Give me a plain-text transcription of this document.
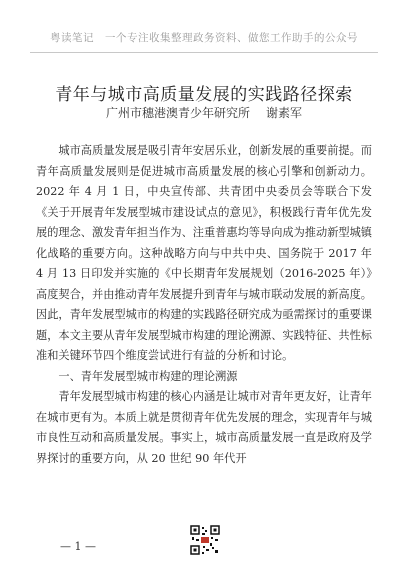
粤读笔记　一个专注收集整理政务资料、做您工作助手的公众号
青年与城市高质量发展的实践路径探索
广州市穗港澳青少年研究所 谢素军

城市高质量发展是吸引青年安居乐业，创新发展的重要前提。而青年高质量发展则是促进城市高质量发展的核心引擎和创新动力。2022 年 4 月 1 日，中央宣传部、共青团中央委员会等联合下发《关于开展青年发展型城市建设试点的意见》，积极践行青年优先发展的理念、激发青年担当作为、注重普惠均等导向成为推动新型城镇化战略的重要方向。这种战略方向与中共中央、国务院于 2017 年 4 月 13 日印发并实施的《中长期青年发展规划（2016-2025 年）》高度契合，并由推动青年发展提升到青年与城市联动发展的新高度。因此，青年发展型城市的构建的实践路径研究成为亟需探讨的重要课题，本文主要从青年发展型城市构建的理论溯源、实践特征、共性标准和关键环节四个维度尝试进行有益的分析和讨论。

一、青年发展型城市构建的理论溯源

青年发展型城市构建的核心内涵是让城市对青年更友好，让青年在城市更有为。本质上就是贯彻青年优先发展的理念，实现青年与城市良性互动和高质量发展。事实上，城市高质量发展一直是政府及学界探讨的重要方向，从 20 世纪 90 年代开

— 1 —
